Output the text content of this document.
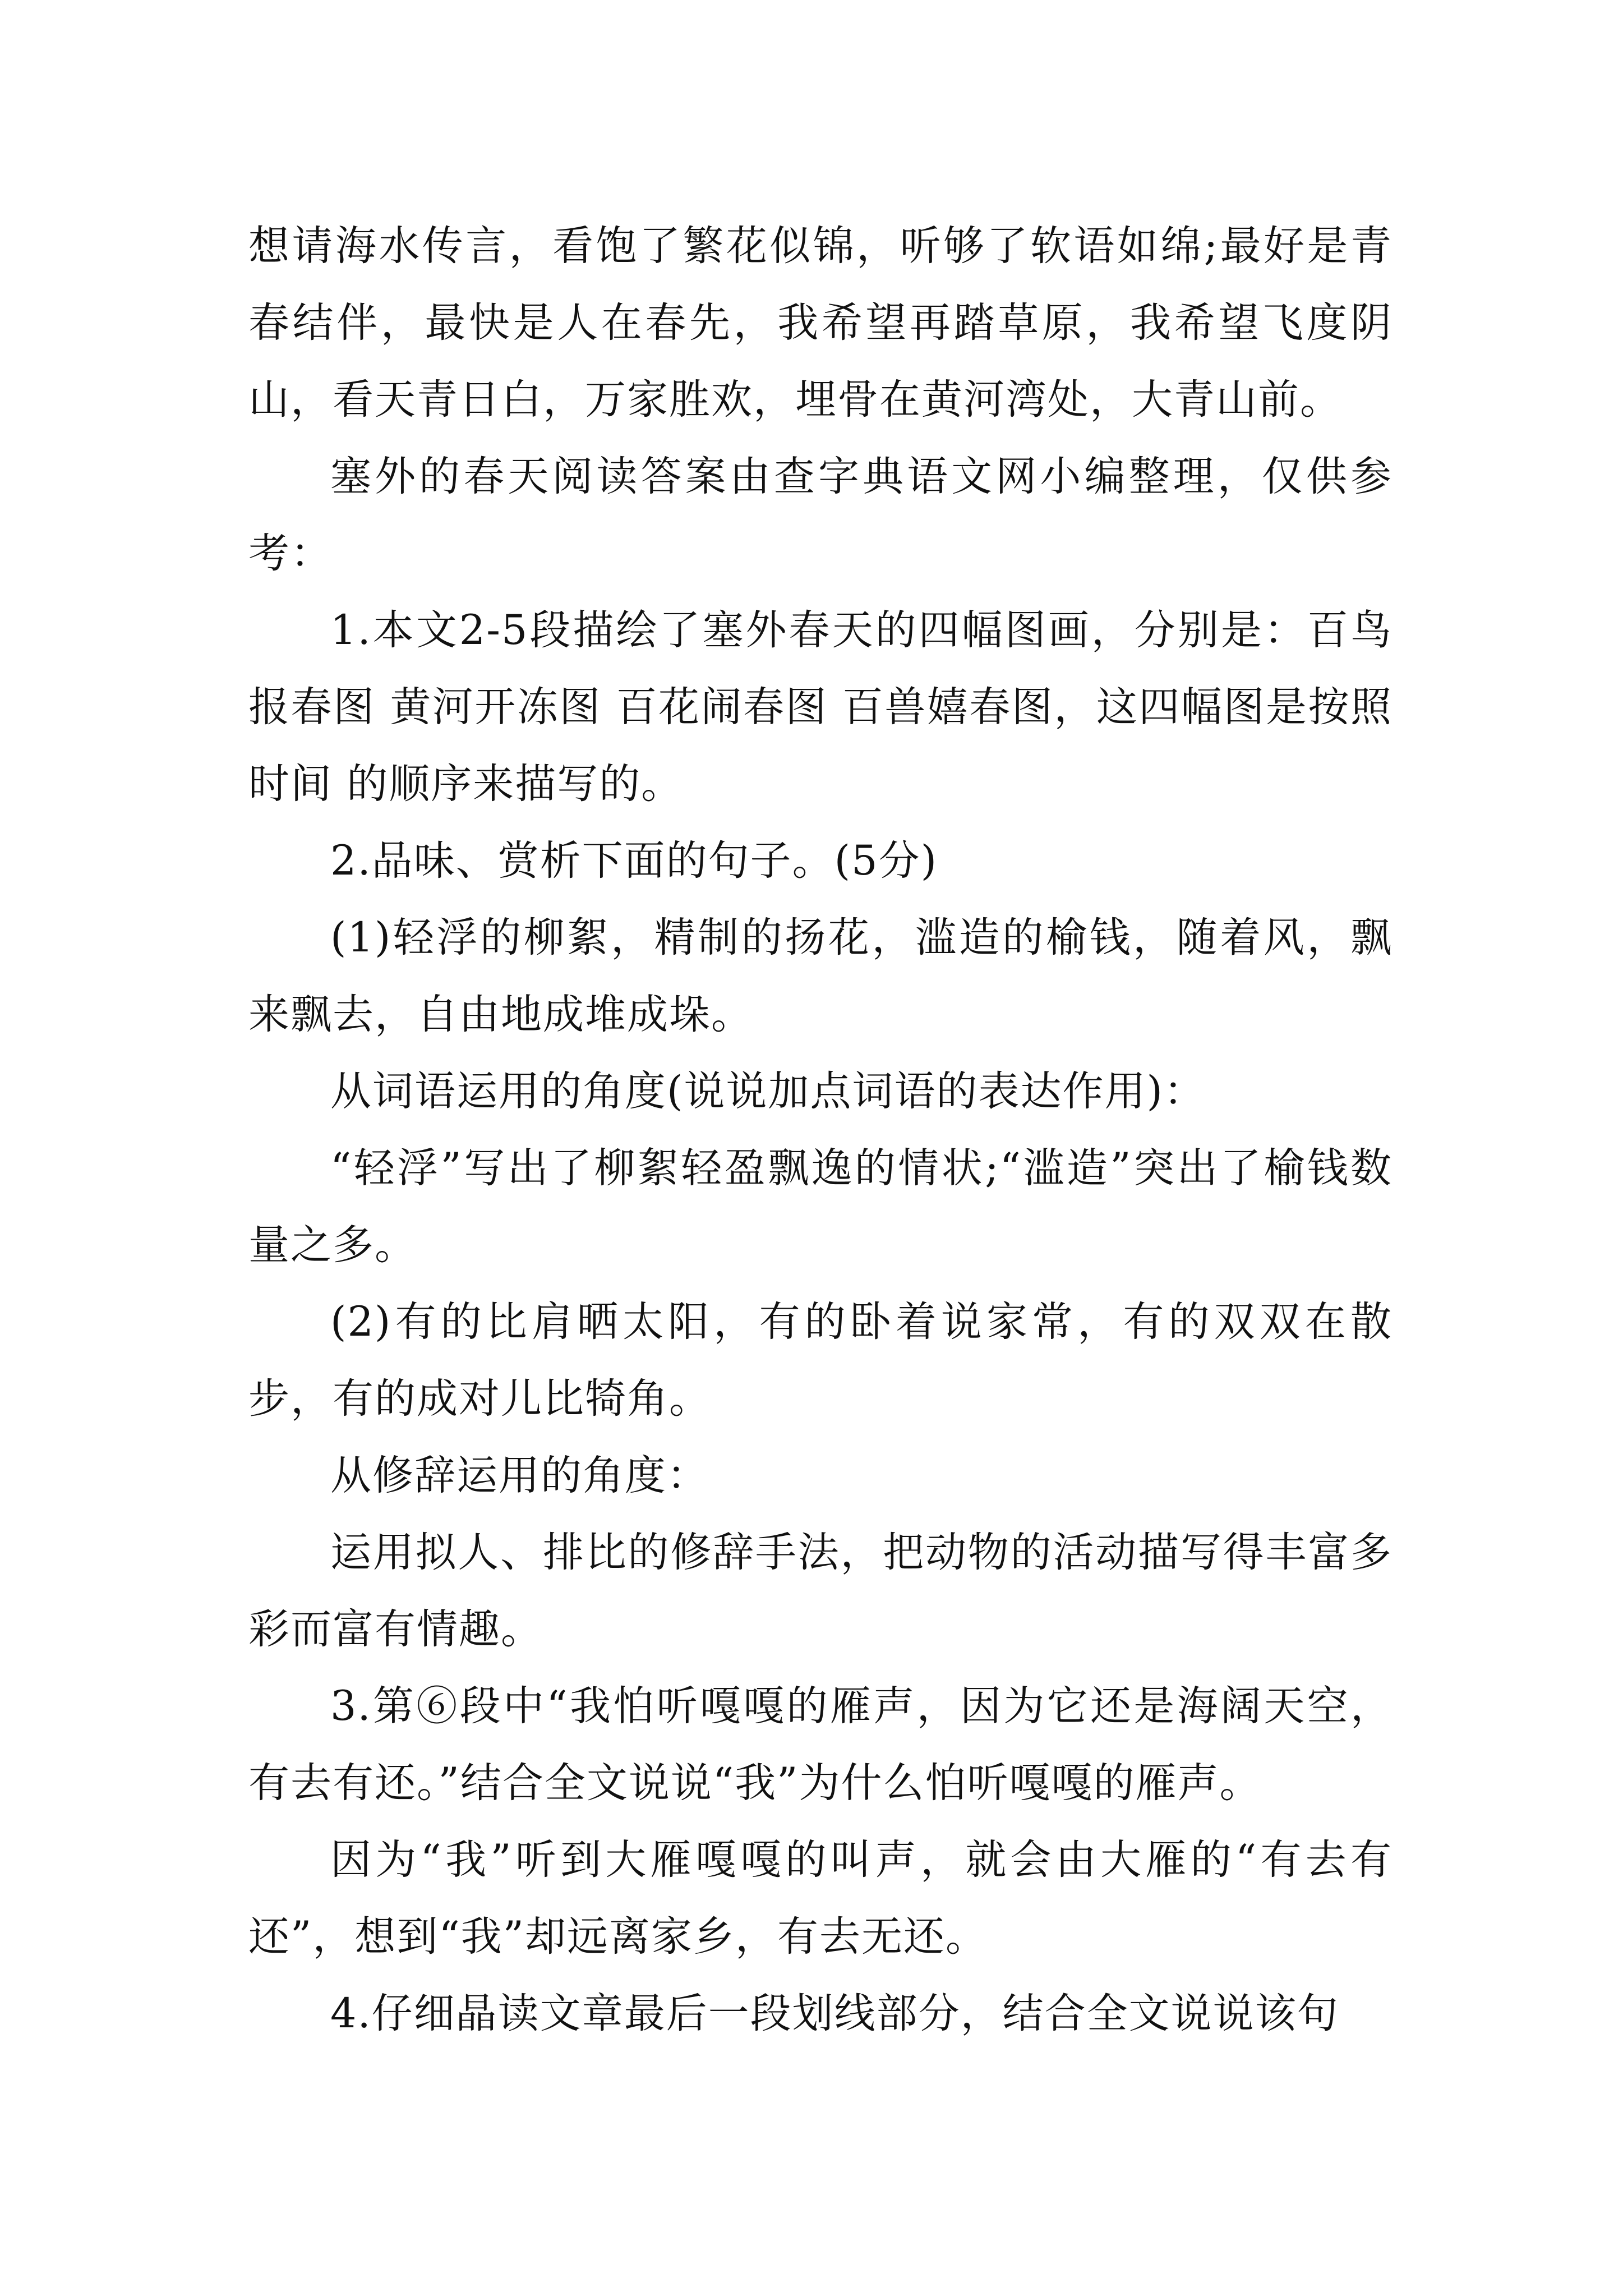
想请海水传言，看饱了繁花似锦，听够了软语如绵;最好是青春结伴，最快是人在春先，我希望再踏草原，我希望飞度阴山，看天青日白，万家胜欢，埋骨在黄河湾处，大青山前。

塞外的春天阅读答案由查字典语文网小编整理，仅供参考：

1.本文2-5段描绘了塞外春天的四幅图画，分别是：百鸟报春图 黄河开冻图 百花闹春图 百兽嬉春图，这四幅图是按照 时间 的顺序来描写的。

2.品味、赏析下面的句子。(5分)

(1)轻浮的柳絮，精制的扬花，滥造的榆钱，随着风，飘来飘去，自由地成堆成垛。

从词语运用的角度(说说加点词语的表达作用)：

“轻浮”写出了柳絮轻盈飘逸的情状;“滥造”突出了榆钱数量之多。

(2)有的比肩晒太阳，有的卧着说家常，有的双双在散步，有的成对儿比犄角。

从修辞运用的角度：

运用拟人、排比的修辞手法，把动物的活动描写得丰富多彩而富有情趣。

3.第⑥段中“我怕听嘎嘎的雁声，因为它还是海阔天空，有去有还。”结合全文说说“我”为什么怕听嘎嘎的雁声。

因为“我”听到大雁嘎嘎的叫声，就会由大雁的“有去有还”，想到“我”却远离家乡，有去无还。

4.仔细晶读文章最后一段划线部分，结合全文说说该句
